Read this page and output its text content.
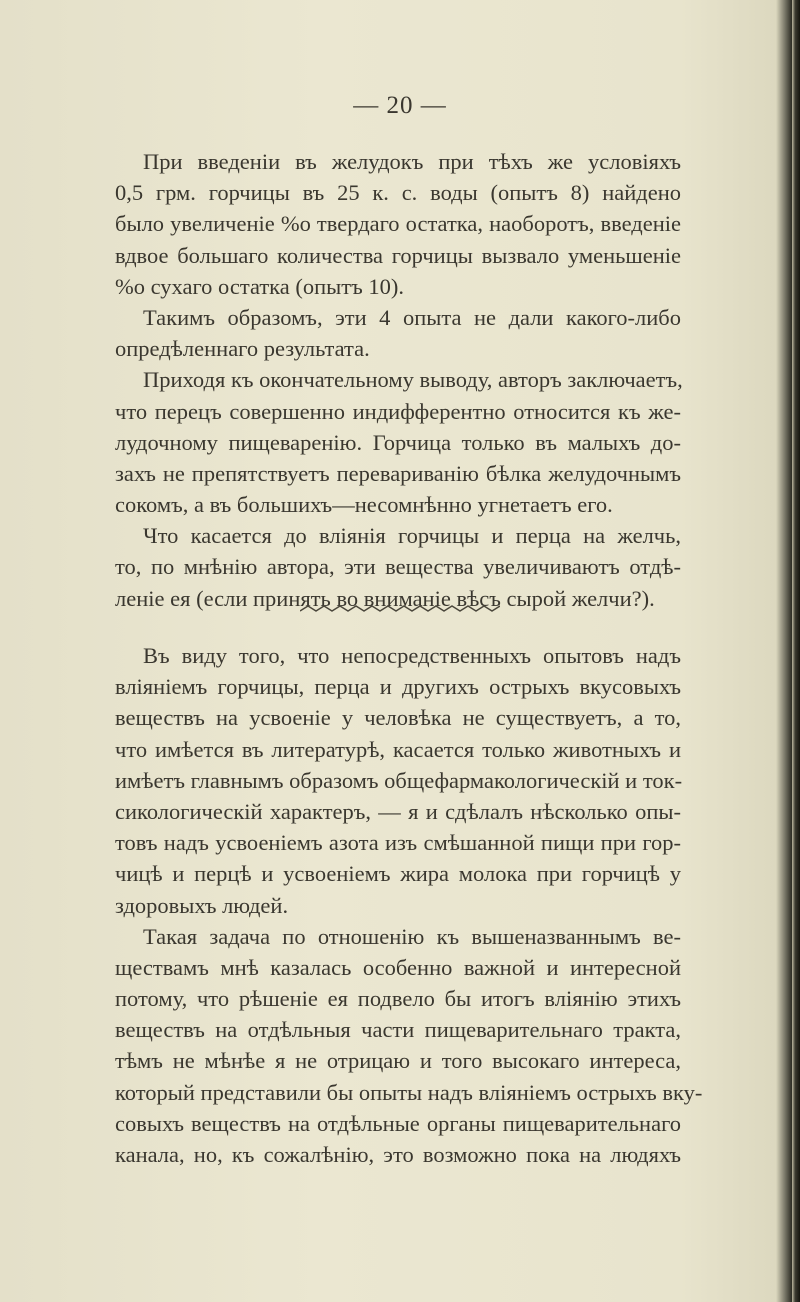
— 20 —
При введеніи въ желудокъ при тѣхъ же условіяхъ
0,5 грм. горчицы въ 25 к. с. воды (опытъ 8) найдено
было увеличеніе %о твердаго остатка, наоборотъ, введеніе
вдвое большаго количества горчицы вызвало уменьшеніе
%о сухаго остатка (опытъ 10).
Такимъ образомъ, эти 4 опыта не дали какого-либо
опредѣленнаго результата.
Приходя къ окончательному выводу, авторъ заключаетъ,
что перецъ совершенно индифферентно относится къ же-
лудочному пищеваренію. Горчица только въ малыхъ до-
захъ не препятствуетъ перевариванію бѣлка желудочнымъ
сокомъ, а въ большихъ—несомнѣнно угнетаетъ его.
Что касается до вліянія горчицы и перца на желчь,
то, по мнѣнію автора, эти вещества увеличиваютъ отдѣ-
леніе ея (если принять во вниманіе вѣсъ сырой желчи?).
Въ виду того, что непосредственныхъ опытовъ надъ
вліяніемъ горчицы, перца и другихъ острыхъ вкусовыхъ
веществъ на усвоеніе у человѣка не существуетъ, а то,
что имѣется въ литературѣ, касается только животныхъ и
имѣетъ главнымъ образомъ общефармакологическій и ток-
сикологическій характеръ, — я и сдѣлалъ нѣсколько опы-
товъ надъ усвоеніемъ азота изъ смѣшанной пищи при гор-
чицѣ и перцѣ и усвоеніемъ жира молока при горчицѣ у
здоровыхъ людей.
Такая задача по отношенію къ вышеназваннымъ ве-
ществамъ мнѣ казалась особенно важной и интересной
потому, что рѣшеніе ея подвело бы итогъ вліянію этихъ
веществъ на отдѣльныя части пищеварительнаго тракта,
тѣмъ не мѣнѣе я не отрицаю и того высокаго интереса,
который представили бы опыты надъ вліяніемъ острыхъ вку-
совыхъ веществъ на отдѣльные органы пищеварительнаго
канала, но, къ сожалѣнію, это возможно пока на людяхъ
